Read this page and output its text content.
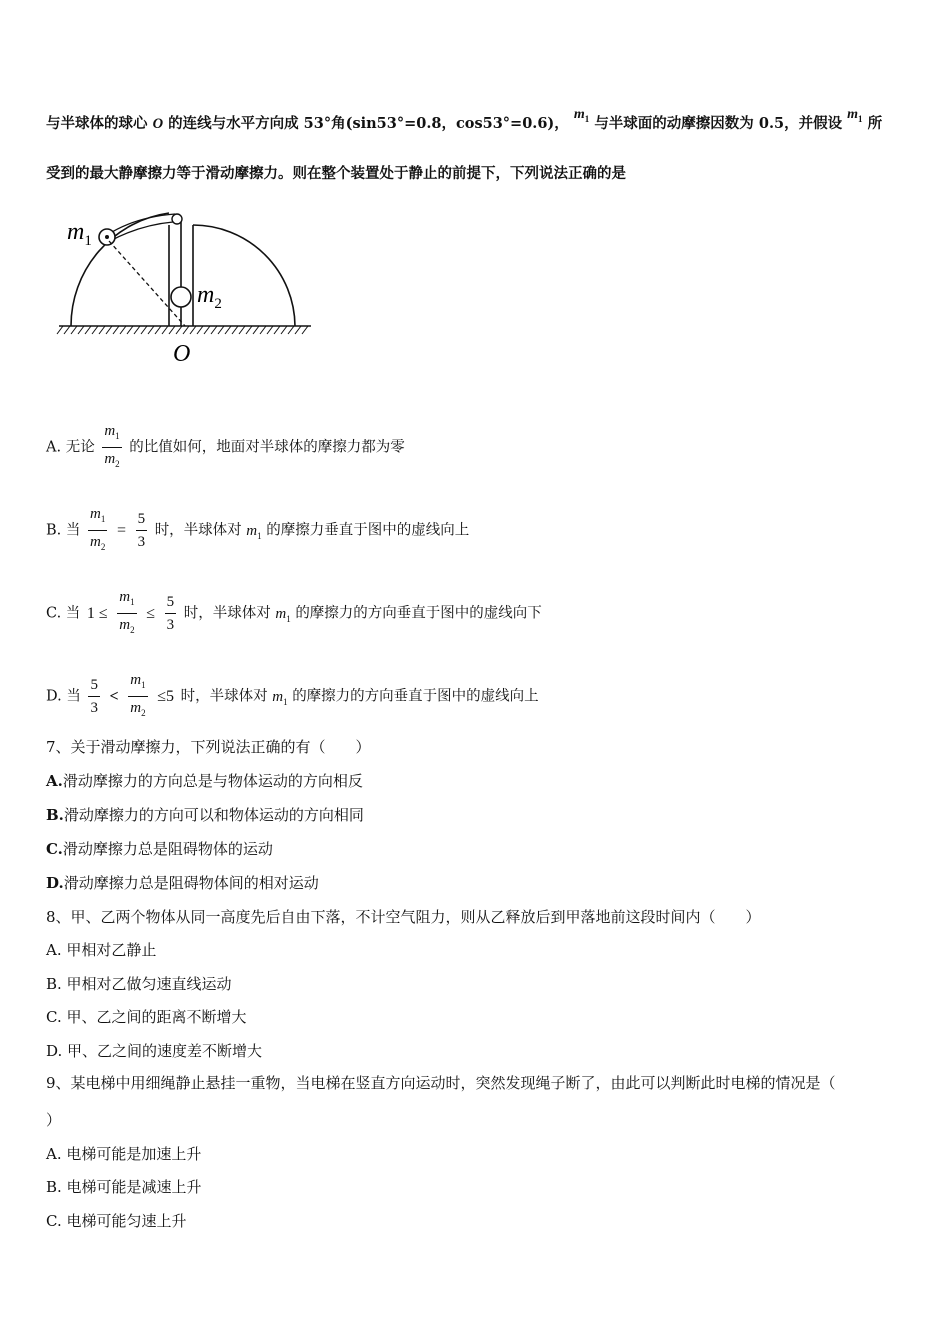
与半球体的球心 O 的连线与水平方向成 53°角(sin53°=0.8，cos53°=0.6)， $m_1$ 与半球面的动摩擦因数为 0.5，并假设 $m_1$ 所
受到的最大静摩擦力等于滑动摩擦力。则在整个装置处于静止的前提下，下列说法正确的是
$m_1$
$m_2$
O
A. 无论 $\frac{m_1}{m_2}$ 的比值如何，地面对半球体的摩擦力都为零
B. 当 $\frac{m_1}{m_2} = \frac{5}{3}$ 时，半球体对 $m_1$ 的摩擦力垂直于图中的虚线向上
C. 当 $1 \le \frac{m_1}{m_2} \le \frac{5}{3}$ 时，半球体对 $m_1$ 的摩擦力的方向垂直于图中的虚线向下
D. 当 $\frac{5}{3} < \frac{m_1}{m_2} \le 5$ 时，半球体对 $m_1$ 的摩擦力的方向垂直于图中的虚线向上
7、关于滑动摩擦力，下列说法正确的有（　　）
A.滑动摩擦力的方向总是与物体运动的方向相反
B.滑动摩擦力的方向可以和物体运动的方向相同
C.滑动摩擦力总是阻碍物体的运动
D.滑动摩擦力总是阻碍物体间的相对运动
8、甲、乙两个物体从同一高度先后自由下落，不计空气阻力，则从乙释放后到甲落地前这段时间内（　　）
A. 甲相对乙静止
B. 甲相对乙做匀速直线运动
C. 甲、乙之间的距离不断增大
D. 甲、乙之间的速度差不断增大
9、某电梯中用细绳静止悬挂一重物，当电梯在竖直方向运动时，突然发现绳子断了，由此可以判断此时电梯的情况是（
）
A. 电梯可能是加速上升
B. 电梯可能是减速上升
C. 电梯可能匀速上升
